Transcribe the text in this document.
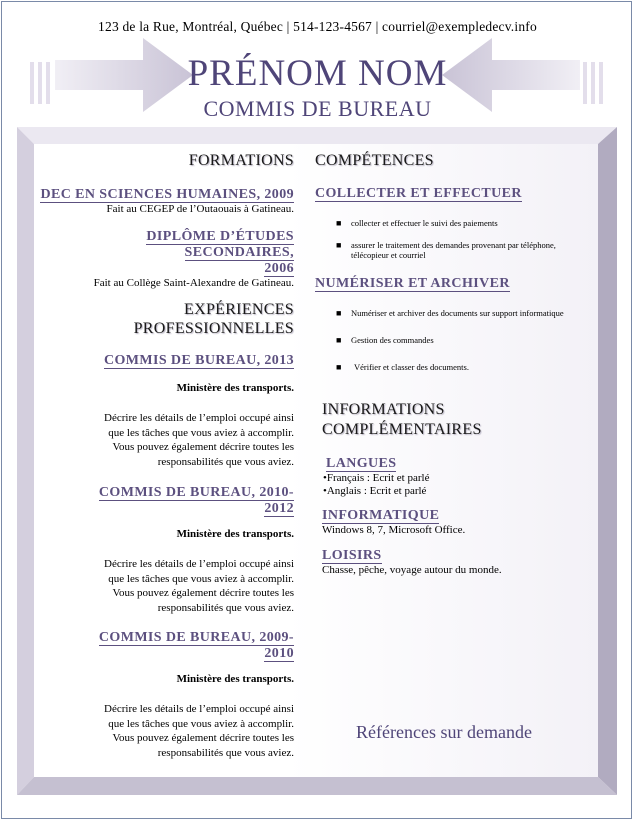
123 de la Rue, Montréal, Québec | 514-123-4567 | courriel@exempledecv.info
PRÉNOM NOM
COMMIS DE BUREAU
FORMATIONS
DEC EN SCIENCES HUMAINES, 2009
Fait au CEGEP de l’Outaouais à Gatineau.
DIPLÔME D’ÉTUDES SECONDAIRES,
2006
Fait au Collège Saint-Alexandre de Gatineau.
EXPÉRIENCES
PROFESSIONNELLES
COMMIS DE BUREAU, 2013
Ministère des transports.
Décrire les détails de l’emploi occupé ainsi
que les tâches que vous aviez à accomplir.
Vous pouvez également décrire toutes les
responsabilités que vous aviez.
COMMIS DE BUREAU, 2010-
2012
Ministère des transports.
Décrire les détails de l’emploi occupé ainsi
que les tâches que vous aviez à accomplir.
Vous pouvez également décrire toutes les
responsabilités que vous aviez.
COMMIS DE BUREAU, 2009-
2010
Ministère des transports.
Décrire les détails de l’emploi occupé ainsi
que les tâches que vous aviez à accomplir.
Vous pouvez également décrire toutes les
responsabilités que vous aviez.
COMPÉTENCES
COLLECTER ET EFFECTUER
■ collecter et effectuer le suivi des paiements
■ assurer le traitement des demandes provenant par téléphone,
télécopieur et courriel
NUMÉRISER ET ARCHIVER
■ Numériser et archiver des documents sur support informatique
■ Gestion des commandes
■ Vérifier et classer des documents.
INFORMATIONS
COMPLÉMENTAIRES
LANGUES
•Français : Ecrit et parlé
•Anglais : Ecrit et parlé
INFORMATIQUE
Windows 8, 7, Microsoft Office.
LOISIRS
Chasse, pêche, voyage autour du monde.
Références sur demande
